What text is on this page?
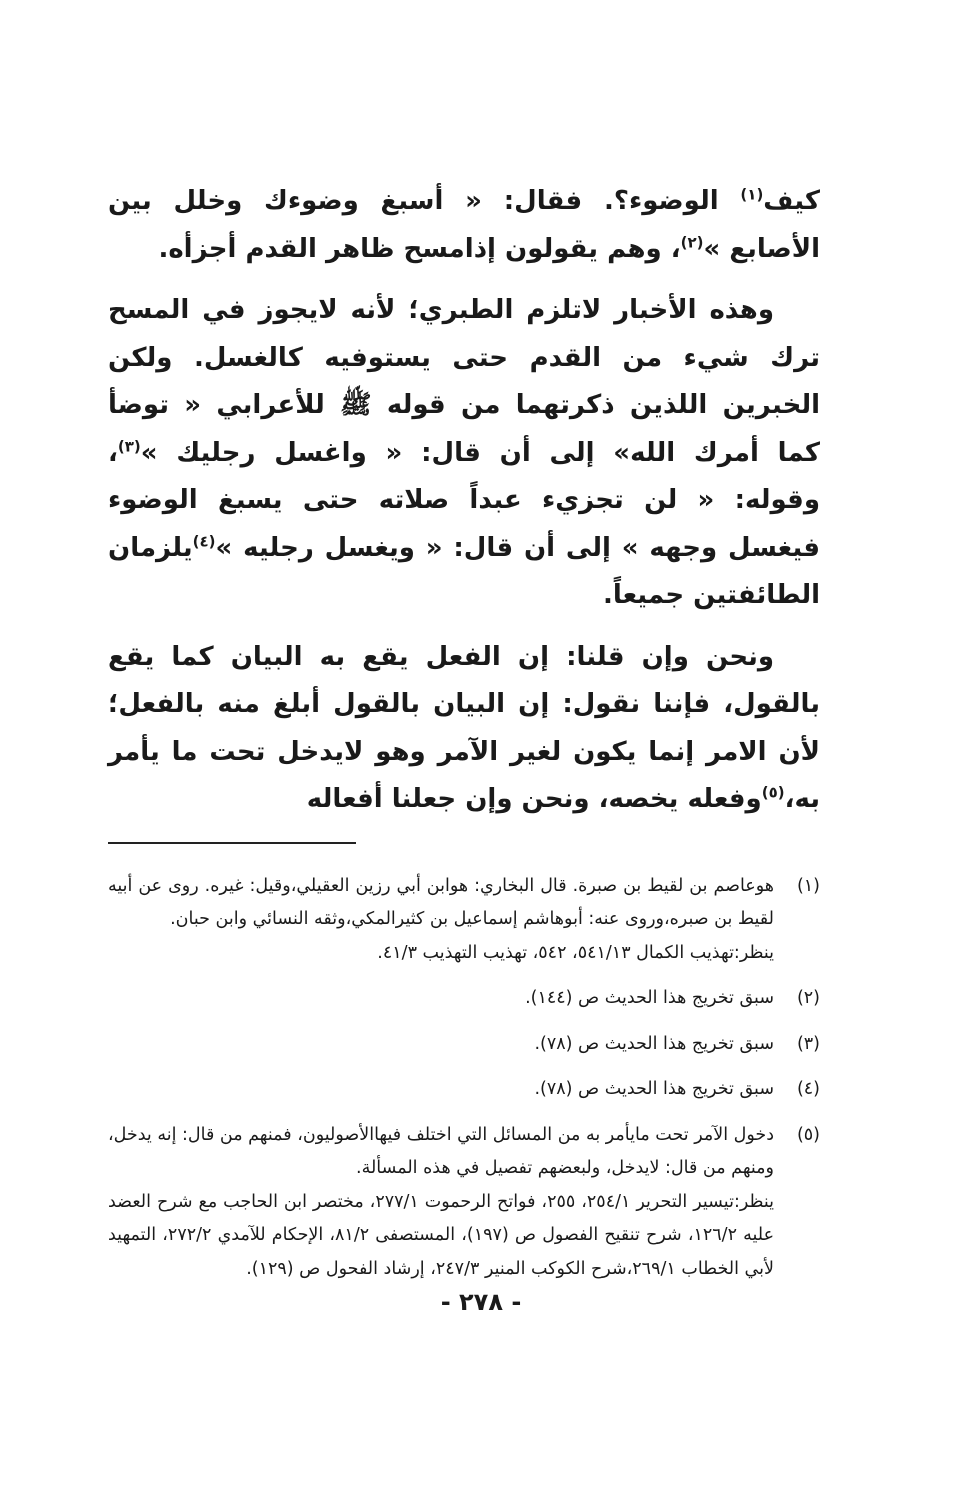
كيف$^{(١)}$ الوضوء؟. فقال: « أسبغ وضوءك وخلل بين الأصابع »$^{(٢)}$، وهم يقولون إذامسح ظاهر القدم أجزأه.

وهذه الأخبار لاتلزم الطبري؛ لأنه لايجوز في المسح ترك شيء من القدم حتى يستوفيه كالغسل. ولكن الخبرين اللذين ذكرتهما من قوله ﷺ للأعرابي « توضأ كما أمرك الله» إلى أن قال: « واغسل رجليك »$^{(٣)}$، وقوله: « لن تجزيء عبداً صلاته حتى يسبغ الوضوء فيغسل وجهه » إلى أن قال: « ويغسل رجليه »$^{(٤)}$يلزمان الطائفتين جميعاً.

ونحن وإن قلنا: إن الفعل يقع به البيان كما يقع بالقول، فإننا نقول: إن البيان بالقول أبلغ منه بالفعل؛ لأن الامر إنما يكون لغير الآمر وهو لايدخل تحت ما يأمر به،$^{(٥)}$وفعله يخصه، ونحن وإن جعلنا أفعاله

(١)
هوعاصم بن لقيط بن صبرة. قال البخاري: هوابن أبي رزين العقيلي،وقيل: غيره. روى عن أبيه لقيط بن صبره،وروى عنه: أبوهاشم إسماعيل بن كثيرالمكي،وثقه النسائي وابن حبان.
ينظر:تهذيب الكمال ٥٤١/١٣، ٥٤٢، تهذيب التهذيب ٤١/٣.
(٢)
سبق تخريج هذا الحديث ص (١٤٤).
(٣)
سبق تخريج هذا الحديث ص (٧٨).
(٤)
سبق تخريج هذا الحديث ص (٧٨).
(٥)
دخول الآمر تحت مايأمر به من المسائل التي اختلف فيهاالأصوليون، فمنهم من قال: إنه يدخل، ومنهم من قال: لايدخل، ولبعضهم تفصيل في هذه المسألة.
ينظر:تيسير التحرير ٢٥٤/١، ٢٥٥، فواتح الرحموت ٢٧٧/١، مختصر ابن الحاجب مع شرح العضد عليه ١٢٦/٢، شرح تنقيح الفصول ص (١٩٧)، المستصفى ٨١/٢، الإحكام للآمدي ٢٧٢/٢، التمهيد لأبي الخطاب ٢٦٩/١،شرح الكوكب المنير ٢٤٧/٣، إرشاد الفحول ص (١٢٩).
- ٢٧٨ -
